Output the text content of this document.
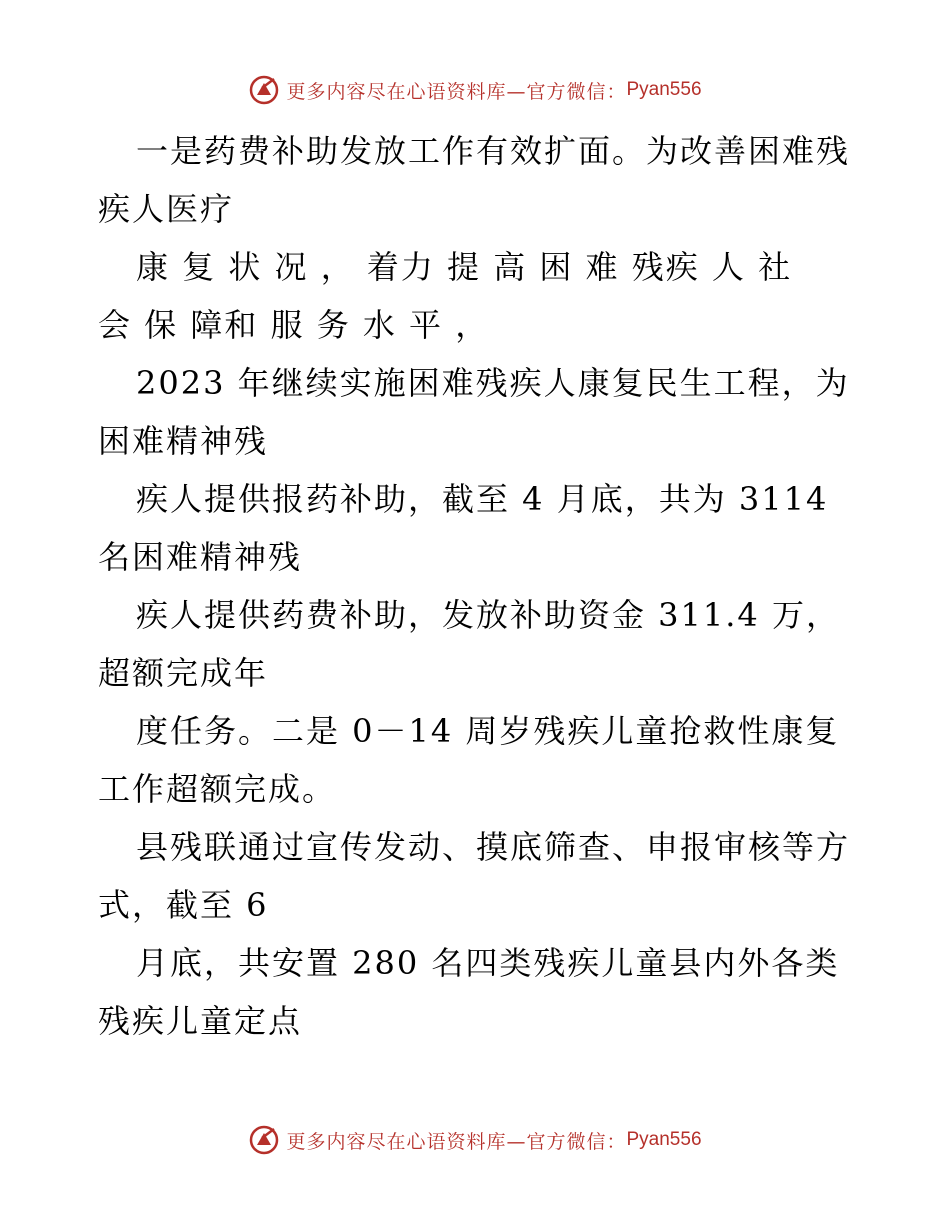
更多内容尽在心语资料库—官方微信： Pyan556

一是药费补助发放工作有效扩面。为改善困难残

疾人医疗

康 复 状 况 ， 着力 提 高 困 难 残疾 人 社

会 保 障和 服 务 水 平 ，

2023 年继续实施困难残疾人康复民生工程，为

困难精神残

疾人提供报药补助，截至 4 月底，共为 3114

名困难精神残

疾人提供药费补助，发放补助资金 311.4 万，

超额完成年

度任务。二是 0－14 周岁残疾儿童抢救性康复

工作超额完成。

县残联通过宣传发动、摸底筛查、申报审核等方

式，截至 6

月底，共安置 280 名四类残疾儿童县内外各类

残疾儿童定点

更多内容尽在心语资料库—官方微信： Pyan556
